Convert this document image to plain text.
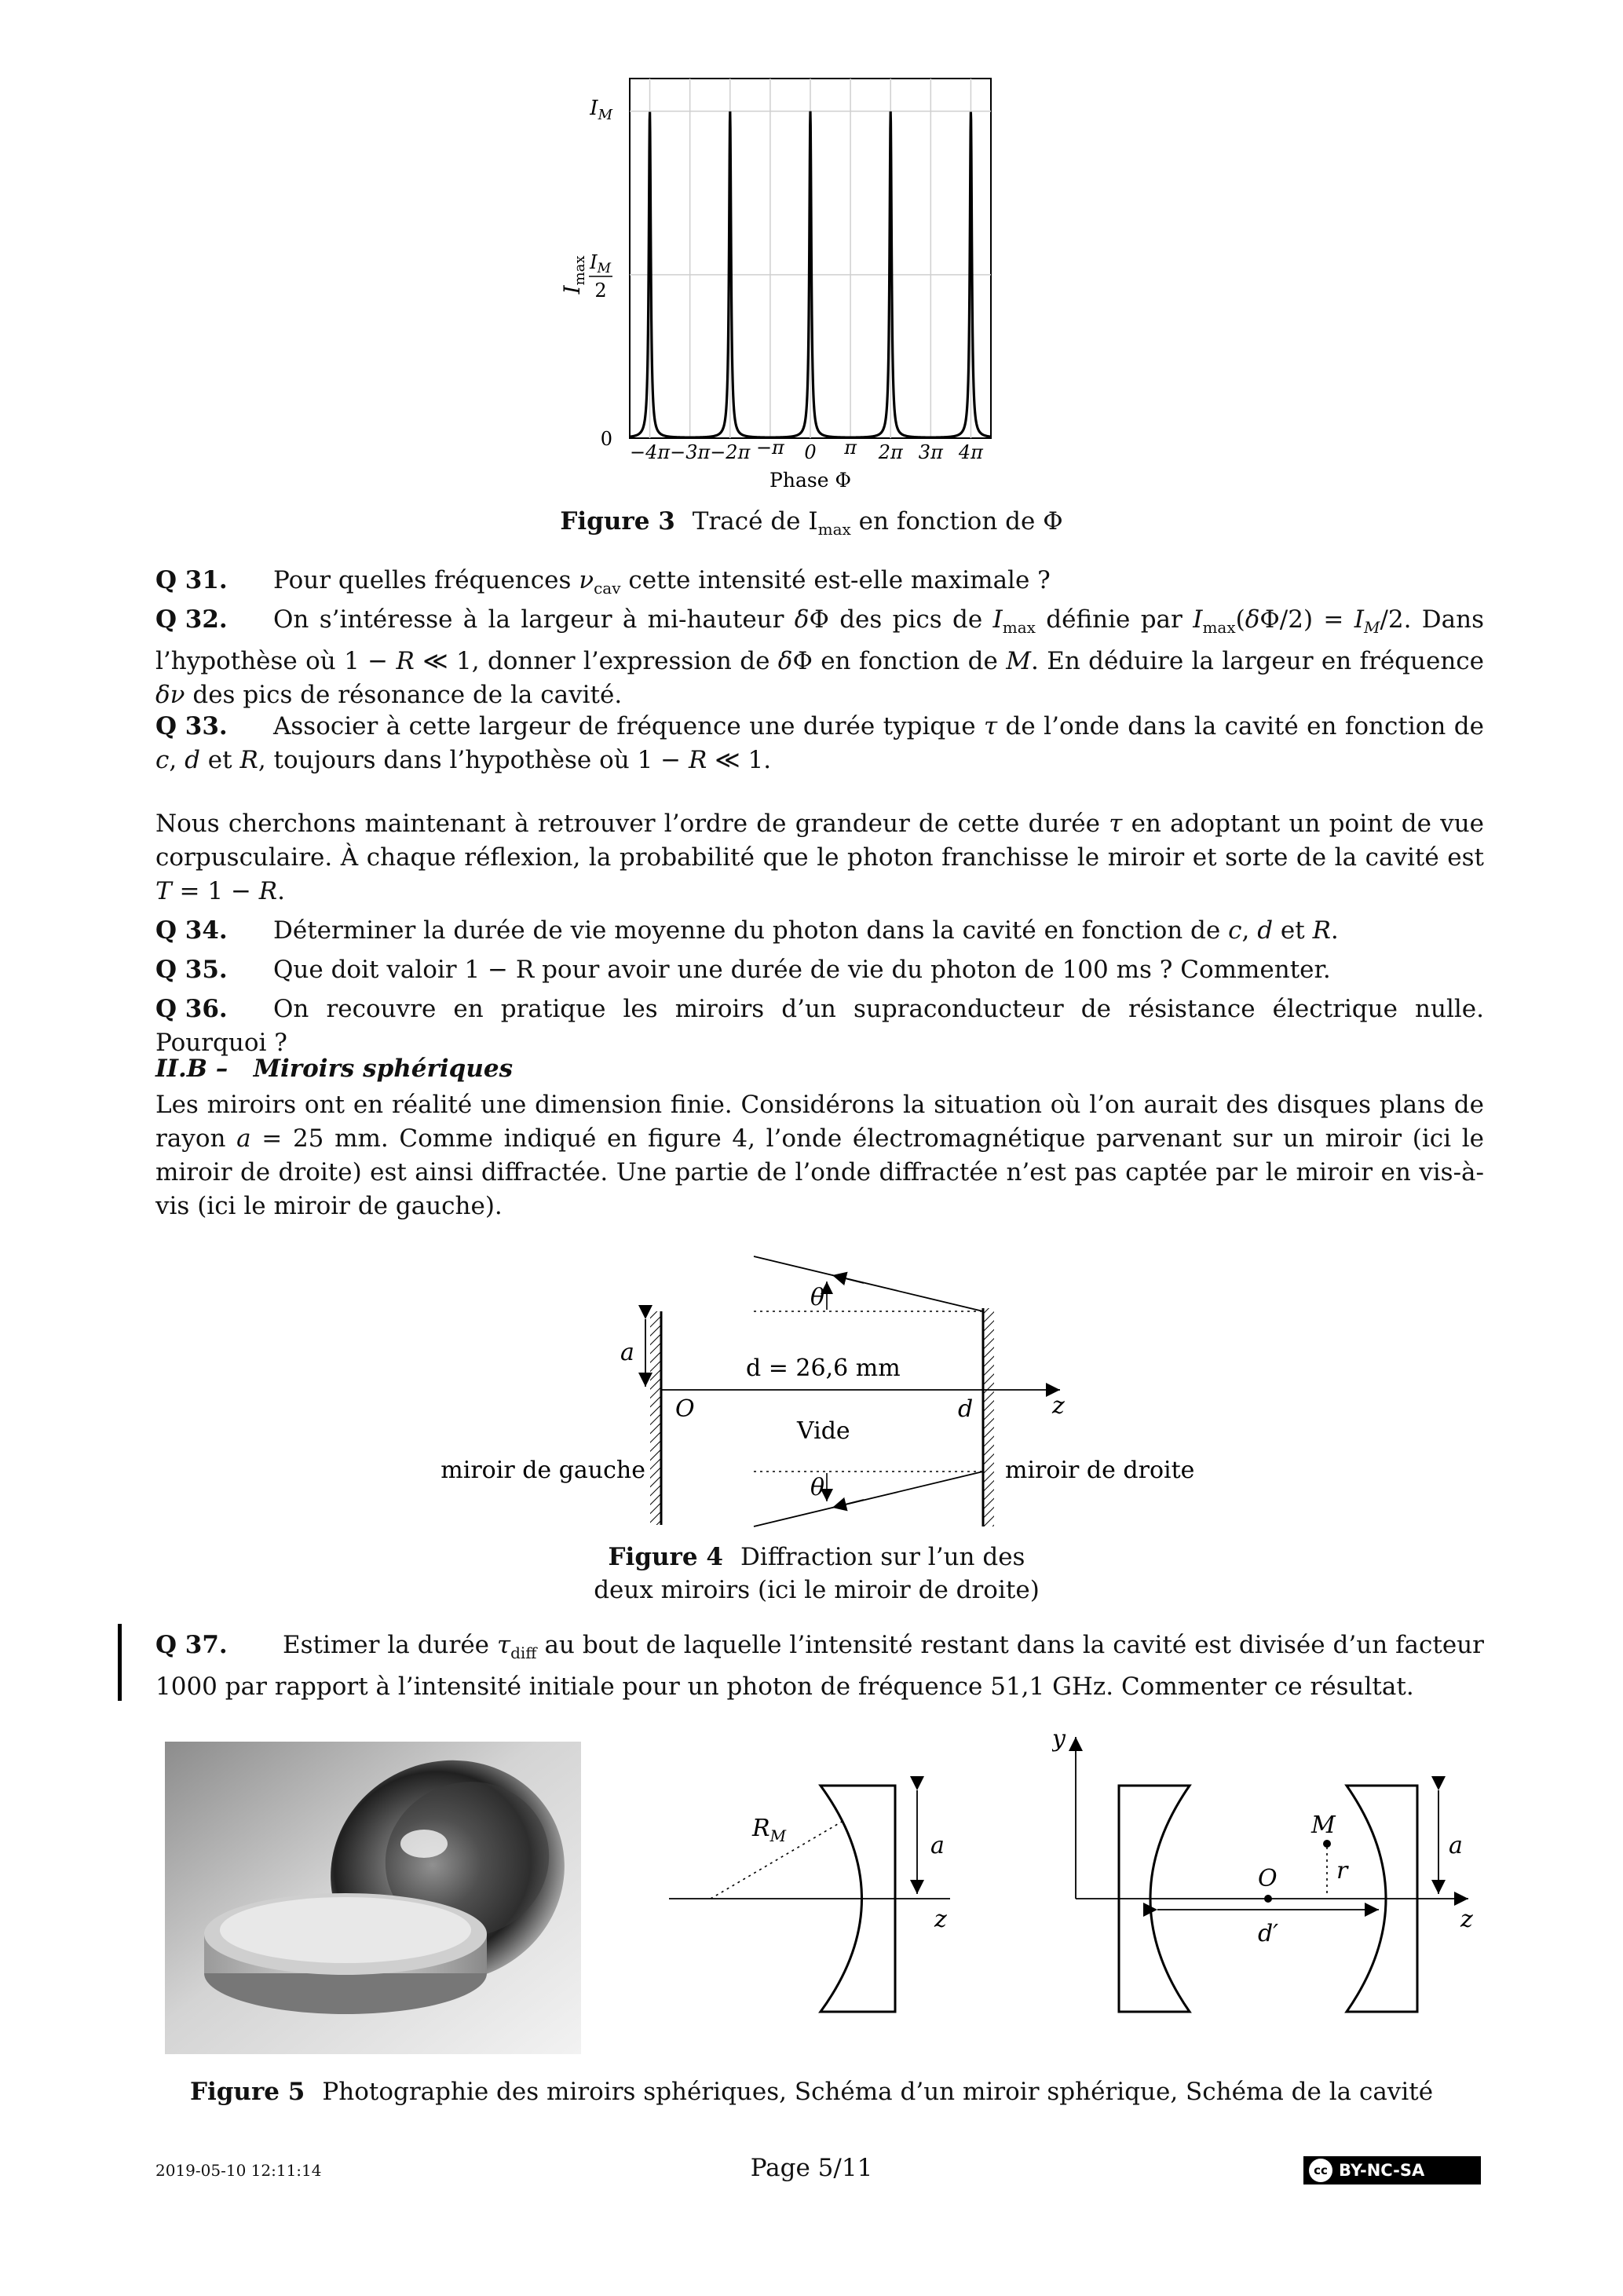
$I_M$
$I_M$
2
0
$I_{max}$
−4π −3π −2π −π 0 π 2π 3π 4π
Phase Φ
Figure 3 Tracé de $I_{max}$ en fonction de Φ
Q 31. Pour quelles fréquences $\nu_{cav}$ cette intensité est-elle maximale ?
Q 32. On s’intéresse à la largeur à mi-hauteur δΦ des pics de $I_{max}$ définie par $I_{max}(\delta\Phi/2) = I_M/2$. Dans l’hypothèse où 1 − R ≪ 1, donner l’expression de δΦ en fonction de M. En déduire la largeur en fréquence δν des pics de résonance de la cavité.
Q 33. Associer à cette largeur de fréquence une durée typique τ de l’onde dans la cavité en fonction de c, d et R, toujours dans l’hypothèse où 1 − R ≪ 1.
Nous cherchons maintenant à retrouver l’ordre de grandeur de cette durée τ en adoptant un point de vue corpusculaire. À chaque réflexion, la probabilité que le photon franchisse le miroir et sorte de la cavité est T = 1 − R.
Q 34. Déterminer la durée de vie moyenne du photon dans la cavité en fonction de c, d et R.
Q 35. Que doit valoir 1 − R pour avoir une durée de vie du photon de 100 ms ? Commenter.
Q 36. On recouvre en pratique les miroirs d’un supraconducteur de résistance électrique nulle. Pourquoi ?
II.B – Miroirs sphériques
Les miroirs ont en réalité une dimension finie. Considérons la situation où l’on aurait des disques plans de rayon a = 25 mm. Comme indiqué en figure 4, l’onde électromagnétique parvenant sur un miroir (ici le miroir de droite) est ainsi diffractée. Une partie de l’onde diffractée n’est pas captée par le miroir en vis-à-vis (ici le miroir de gauche).
θ
θ
a
d = 26,6 mm
O	d	z
Vide
miroir de gauche	miroir de droite
Figure 4 Diffraction sur l’un des
deux miroirs (ici le miroir de droite)
Q 37. Estimer la durée $\tau_{diff}$ au bout de laquelle l’intensité restant dans la cavité est divisée d’un facteur 1000 par rapport à l’intensité initiale pour un photon de fréquence 51,1 GHz. Commenter ce résultat.
$R_M$	a
z
y
M
O	r
d′
a
z
Figure 5 Photographie des miroirs sphériques, Schéma d’un miroir sphérique, Schéma de la cavité
2019-05-10 12:11:14	Page 5/11	cc BY-NC-SA
